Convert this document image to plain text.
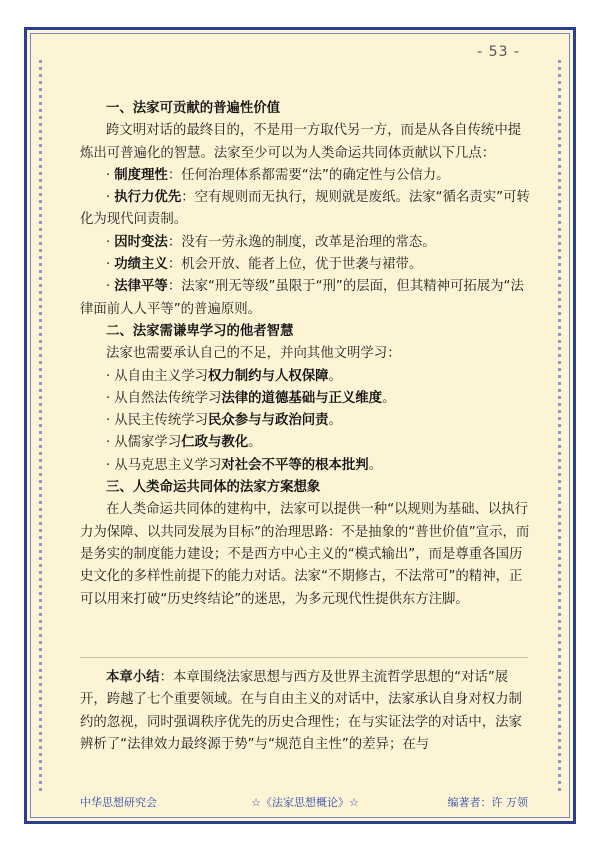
- 53 -

一、法家可贡献的普遍性价值

跨文明对话的最终目的，不是用一方取代另一方，而是从各自传统中提炼出可普遍化的智慧。法家至少可以为人类命运共同体贡献以下几点：

· 制度理性：任何治理体系都需要“法”的确定性与公信力。

· 执行力优先：空有规则而无执行，规则就是废纸。法家“循名责实”可转化为现代问责制。

· 因时变法：没有一劳永逸的制度，改革是治理的常态。

· 功绩主义：机会开放、能者上位，优于世袭与裙带。

· 法律平等：法家“刑无等级”虽限于“刑”的层面，但其精神可拓展为“法律面前人人平等”的普遍原则。

二、法家需谦卑学习的他者智慧

法家也需要承认自己的不足，并向其他文明学习：

· 从自由主义学习权力制约与人权保障。

· 从自然法传统学习法律的道德基础与正义维度。

· 从民主传统学习民众参与与政治问责。

· 从儒家学习仁政与教化。

· 从马克思主义学习对社会不平等的根本批判。

三、人类命运共同体的法家方案想象

在人类命运共同体的建构中，法家可以提供一种“以规则为基础、以执行力为保障、以共同发展为目标”的治理思路：不是抽象的“普世价值”宣示，而是务实的制度能力建设；不是西方中心主义的“模式输出”，而是尊重各国历史文化的多样性前提下的能力对话。法家“不期修古，不法常可”的精神，正可以用来打破“历史终结论”的迷思，为多元现代性提供东方注脚。

本章小结：本章围绕法家思想与西方及世界主流哲学思想的“对话”展开，跨越了七个重要领域。在与自由主义的对话中，法家承认自身对权力制约的忽视，同时强调秩序优先的历史合理性；在与实证法学的对话中，法家辨析了“法律效力最终源于势”与“规范自主性”的差异；在与

中华思想研究会	☆《法家思想概论》☆	编著者：许 万领
